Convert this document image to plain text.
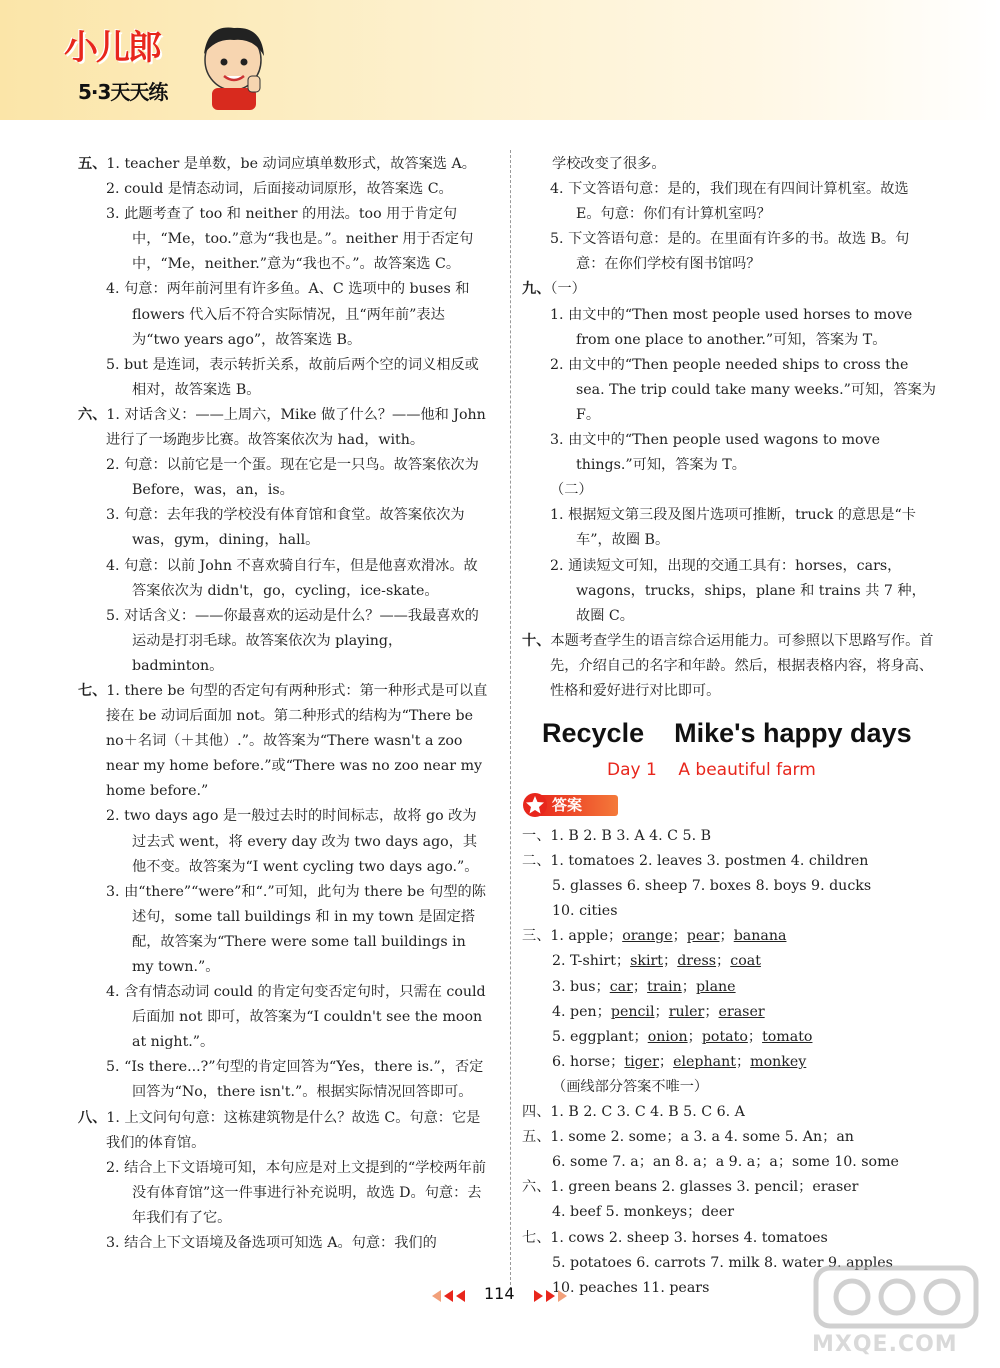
小儿郎
5·3天天练
五、1. teacher 是单数，be 动词应填单数形式，故答案选 A。
2. could 是情态动词，后面接动词原形，故答案选 C。
3. 此题考查了 too 和 neither 的用法。too 用于肯定句中，“Me，too.”意为“我也是。”。neither 用于否定句中，“Me，neither.”意为“我也不。”。故答案选 C。
4. 句意：两年前河里有许多鱼。A、C 选项中的 buses 和 flowers 代入后不符合实际情况，且“两年前”表达为“two years ago”，故答案选 B。
5. but 是连词，表示转折关系，故前后两个空的词义相反或相对，故答案选 B。
六、1. 对话含义：——上周六，Mike 做了什么？——他和 John 进行了一场跑步比赛。故答案依次为 had，with。
2. 句意：以前它是一个蛋。现在它是一只鸟。故答案依次为 Before，was，an，is。
3. 句意：去年我的学校没有体育馆和食堂。故答案依次为 was，gym，dining，hall。
4. 句意：以前 John 不喜欢骑自行车，但是他喜欢滑冰。故答案依次为 didn't，go，cycling，ice-skate。
5. 对话含义：——你最喜欢的运动是什么？——我最喜欢的运动是打羽毛球。故答案依次为 playing，badminton。
七、1. there be 句型的否定句有两种形式：第一种形式是可以直接在 be 动词后面加 not。第二种形式的结构为“There be no＋名词（＋其他）.”。故答案为“There wasn't a zoo near my home before.”或“There was no zoo near my home before.”
2. two days ago 是一般过去时的时间标志，故将 go 改为过去式 went，将 every day 改为 two days ago，其他不变。故答案为“I went cycling two days ago.”。
3. 由“there”“were”和“.”可知，此句为 there be 句型的陈述句，some tall buildings 和 in my town 是固定搭配，故答案为“There were some tall buildings in my town.”。
4. 含有情态动词 could 的肯定句变否定句时，只需在 could 后面加 not 即可，故答案为“I couldn't see the moon at night.”。
5. “Is there...?”句型的肯定回答为“Yes，there is.”，否定回答为“No，there isn't.”。根据实际情况回答即可。
八、1. 上文问句句意：这栋建筑物是什么？故选 C。句意：它是我们的体育馆。
2. 结合上下文语境可知，本句应是对上文提到的“学校两年前没有体育馆”这一件事进行补充说明，故选 D。句意：去年我们有了它。
3. 结合上下文语境及备选项可知选 A。句意：我们的
学校改变了很多。
4. 下文答语句意：是的，我们现在有四间计算机室。故选 E。句意：你们有计算机室吗？
5. 下文答语句意：是的。在里面有许多的书。故选 B。句意：在你们学校有图书馆吗？
九、（一）
1. 由文中的“Then most people used horses to move from one place to another.”可知，答案为 T。
2. 由文中的“Then people needed ships to cross the sea. The trip could take many weeks.”可知，答案为 F。
3. 由文中的“Then people used wagons to move things.”可知，答案为 T。
（二）
1. 根据短文第三段及图片选项可推断，truck 的意思是“卡车”，故圈 B。
2. 通读短文可知，出现的交通工具有：horses，cars，wagons，trucks，ships，plane 和 trains 共 7 种，故圈 C。
十、本题考查学生的语言综合运用能力。可参照以下思路写作。首先，介绍自己的名字和年龄。然后，根据表格内容，将身高、性格和爱好进行对比即可。
Recycle    Mike's happy days
Day 1    A beautiful farm
答案
一、1. B 2. B 3. A 4. C 5. B
二、1. tomatoes 2. leaves 3. postmen 4. children
5. glasses 6. sheep 7. boxes 8. boys 9. ducks
10. cities
三、1. apple；orange；pear；banana
2. T-shirt；skirt；dress；coat
3. bus；car；train；plane
4. pen；pencil；ruler；eraser
5. eggplant；onion；potato；tomato
6. horse；tiger；elephant；monkey
（画线部分答案不唯一）
四、1. B 2. C 3. C 4. B 5. C 6. A
五、1. some 2. some；a 3. a 4. some 5. An；an
6. some 7. a；an 8. a；a 9. a；a；some 10. some
六、1. green beans 2. glasses 3. pencil；eraser
4. beef 5. monkeys；deer
七、1. cows 2. sheep 3. horses 4. tomatoes
5. potatoes 6. carrots 7. milk 8. water 9. apples
10. peaches 11. pears
114
MXQE.COM
